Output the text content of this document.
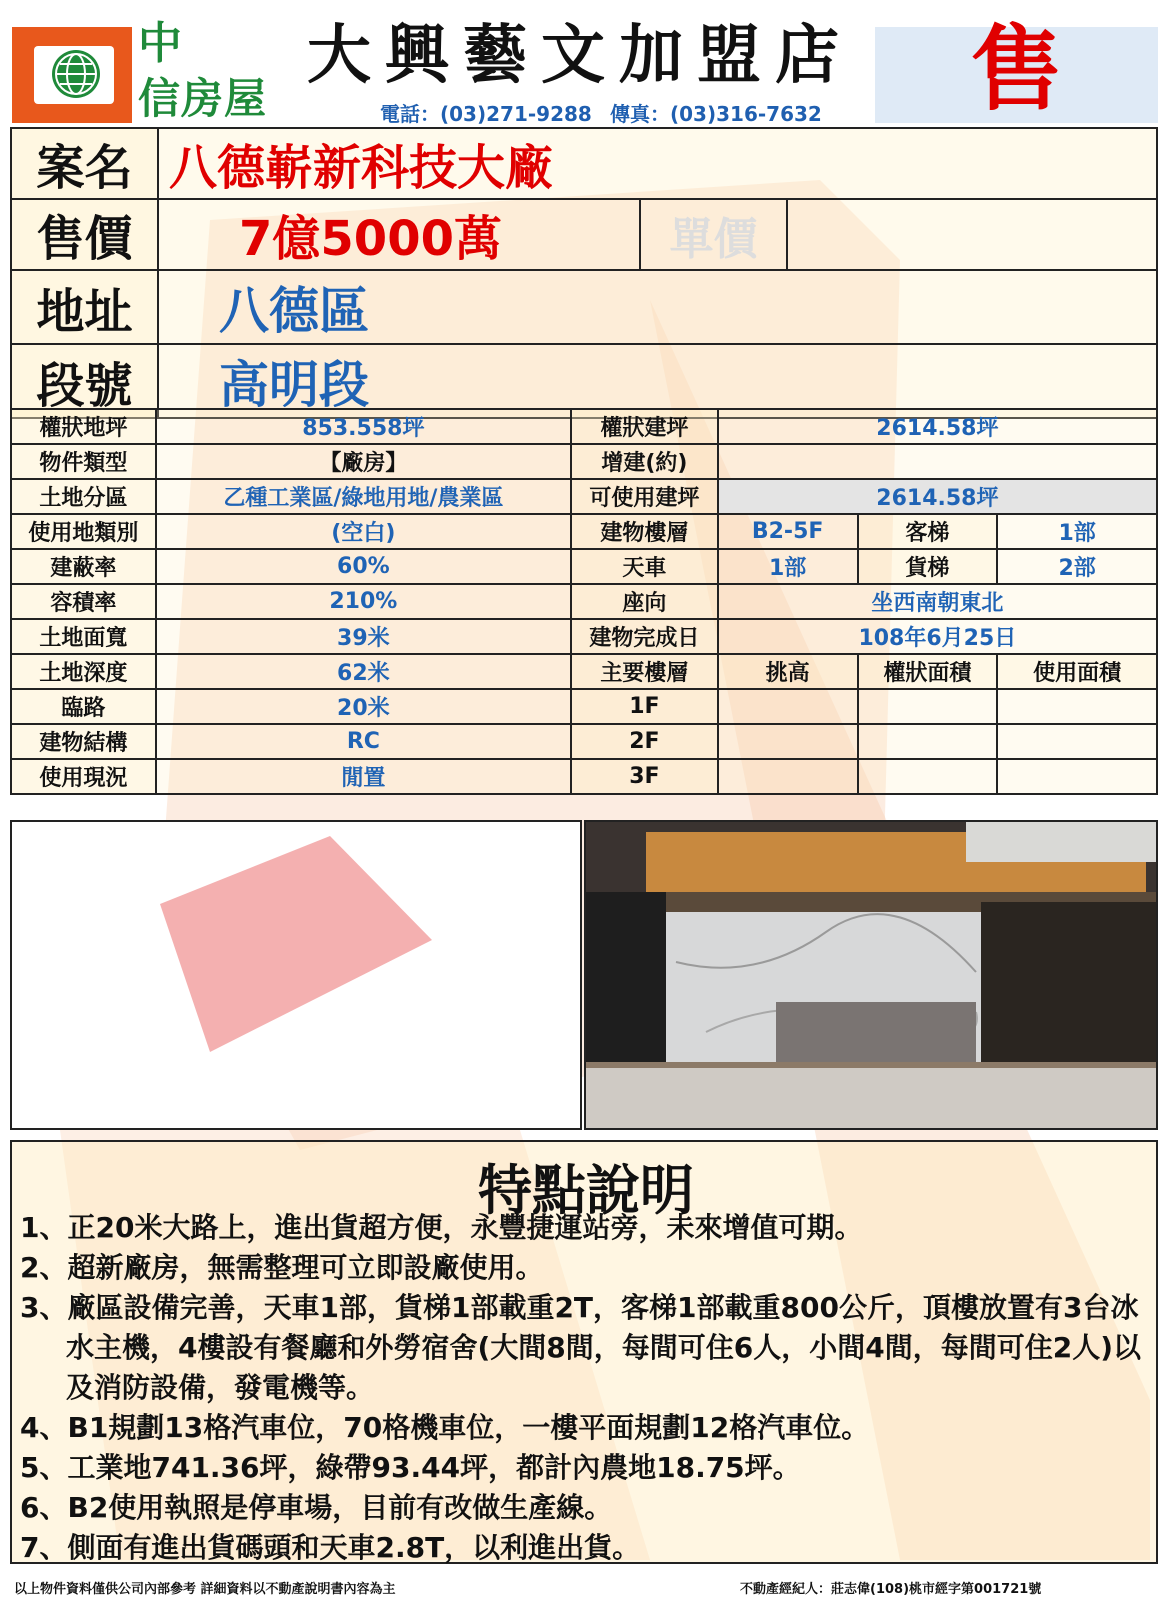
中
信房屋
大興藝文加盟店
電話：(03)271-9288 傳真：(03)316-7632	售
案名	八德嶄新科技大廠		
售價	7億5000萬	單價	
地址	八德區		
段號	高明段		
權狀地坪	853.558坪	權狀建坪	2614.58坪		
物件類型	【廠房】	增建(約)			
土地分區	乙種工業區/綠地用地/農業區	可使用建坪	2614.58坪		
使用地類別	(空白)	建物樓層	B2-5F	客梯	1部
建蔽率	60%	天車	1部	貨梯	2部
容積率	210%	座向	坐西南朝東北		
土地面寬	39米	建物完成日	108年6月25日		
土地深度	62米	主要樓層	挑高	權狀面積	使用面積
臨路	20米	1F			
建物結構	RC	2F			
使用現況	閒置	3F			
特點說明
1、正20米大路上，進出貨超方便，永豐捷運站旁，未來增值可期。
2、超新廠房，無需整理可立即設廠使用。
3、廠區設備完善，天車1部，貨梯1部載重2T，客梯1部載重800公斤，頂樓放置有3台冰水主機，4樓設有餐廳和外勞宿舍(大間8間，每間可住6人，小間4間，每間可住2人)以及消防設備，發電機等。
4、B1規劃13格汽車位，70格機車位，一樓平面規劃12格汽車位。
5、工業地741.36坪，綠帶93.44坪，都計內農地18.75坪。
6、B2使用執照是停車場，目前有改做生產線。
7、側面有進出貨碼頭和天車2.8T，以利進出貨。
以上物件資料僅供公司內部參考 詳細資料以不動產說明書內容為主	不動產經紀人：莊志偉(108)桃市經字第001721號
